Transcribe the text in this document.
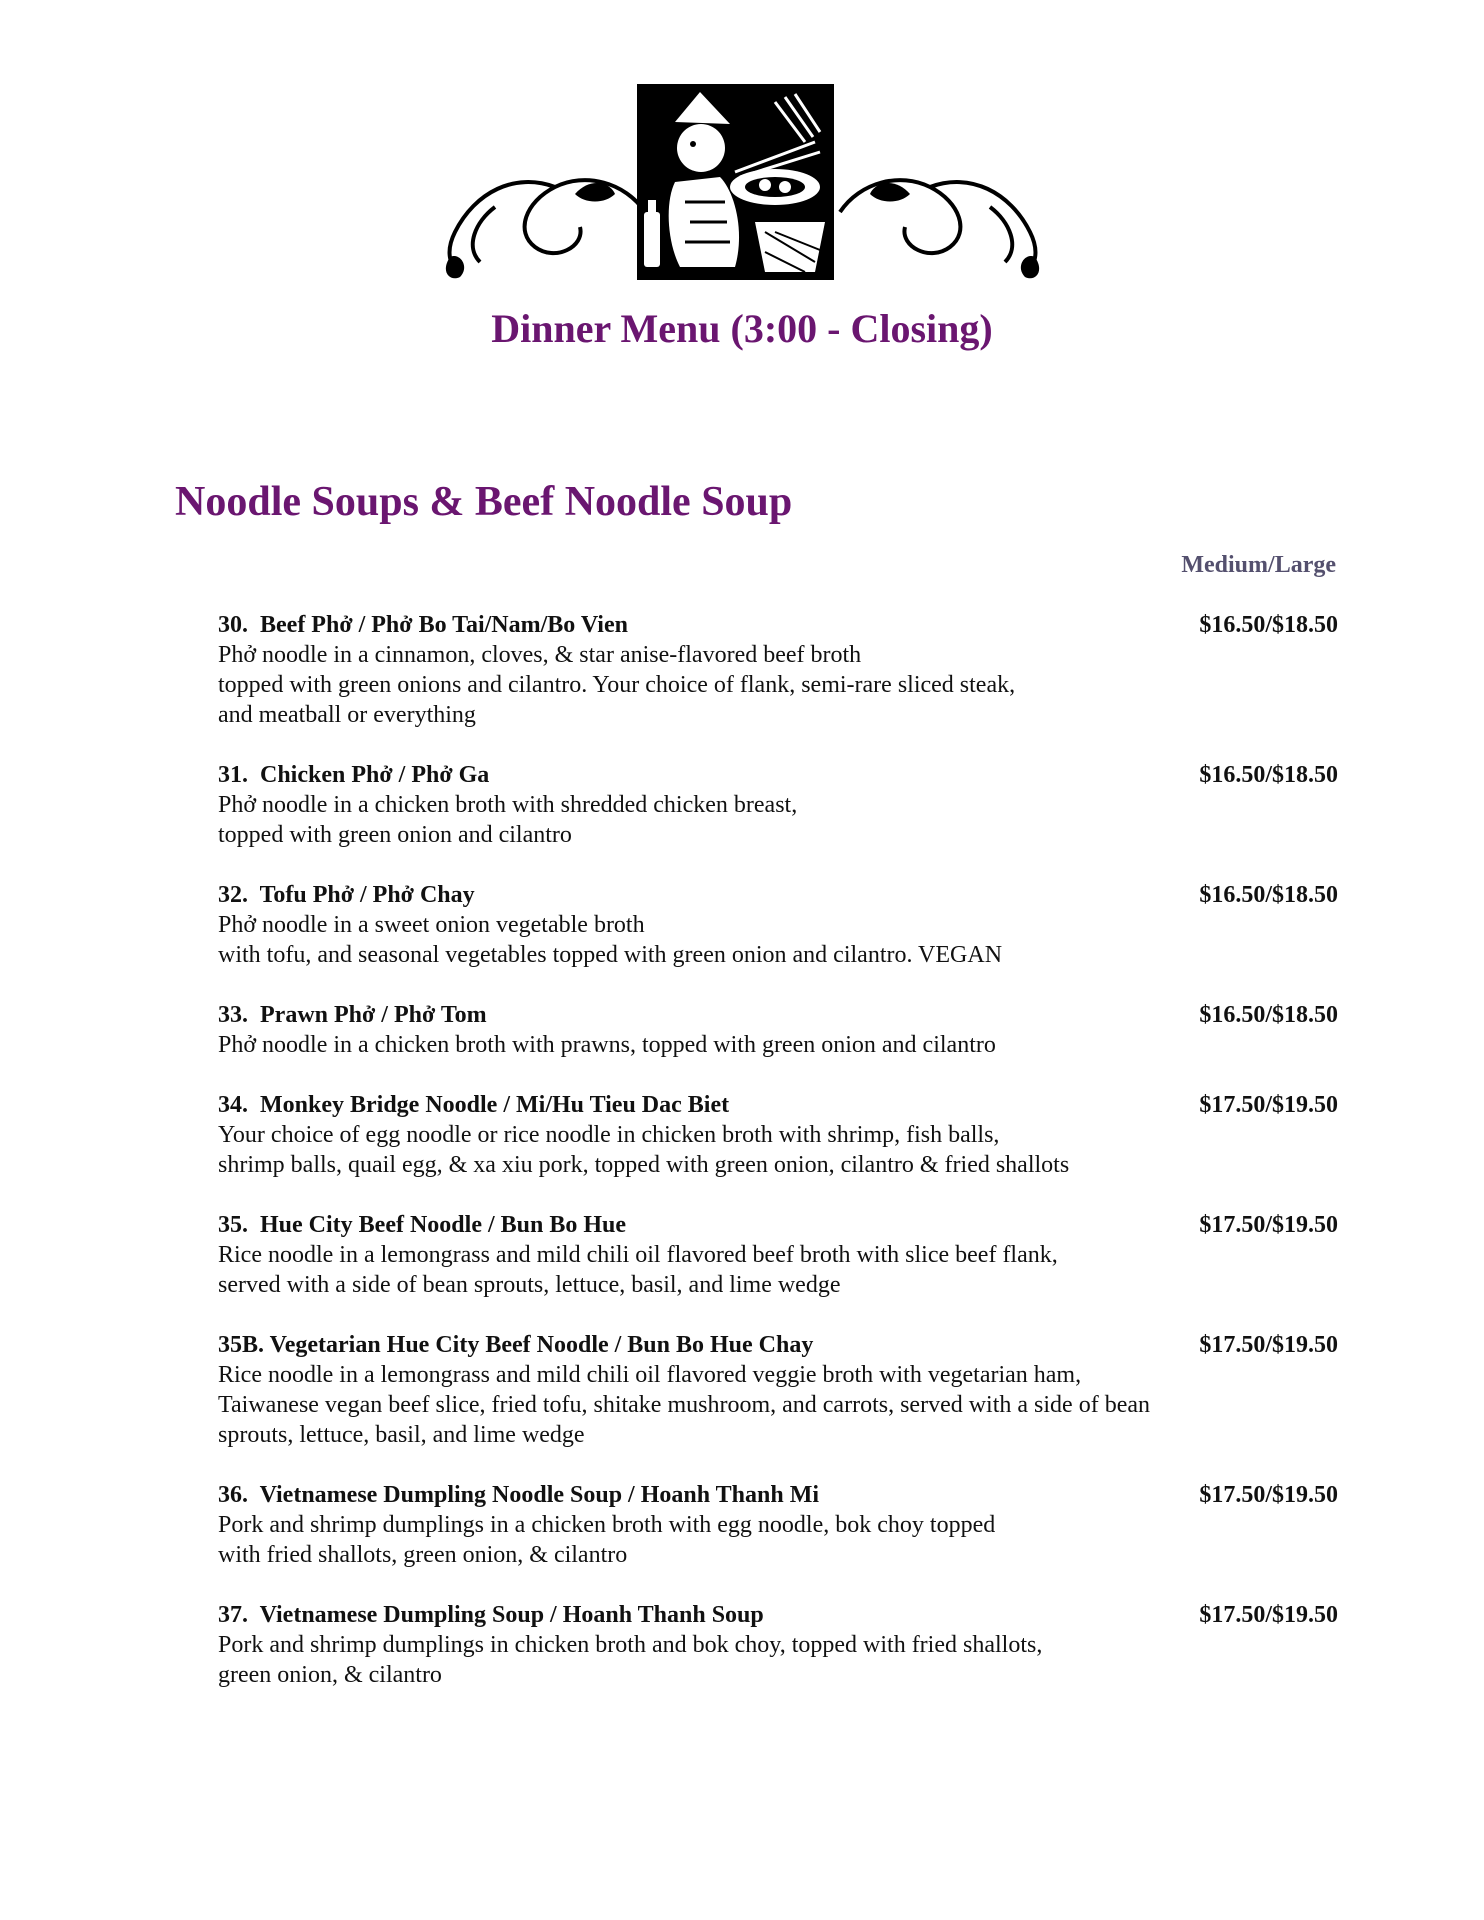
Dinner Menu (3:00 - Closing)
Noodle Soups & Beef Noodle Soup
Medium/Large
30.  Beef Phở / Phở Bo Tai/Nam/Bo Vien	$16.50/$18.50
Phở noodle in a cinnamon, cloves, & star anise-flavored beef broth
topped with green onions and cilantro. Your choice of flank, semi-rare sliced steak,
and meatball or everything
31.  Chicken Phở / Phở Ga	$16.50/$18.50
Phở noodle in a chicken broth with shredded chicken breast,
topped with green onion and cilantro
32.  Tofu Phở / Phở Chay	$16.50/$18.50
Phở noodle in a sweet onion vegetable broth
with tofu, and seasonal vegetables topped with green onion and cilantro. VEGAN
33.  Prawn Phở / Phở Tom	$16.50/$18.50
Phở noodle in a chicken broth with prawns, topped with green onion and cilantro
34.  Monkey Bridge Noodle / Mi/Hu Tieu Dac Biet	$17.50/$19.50
Your choice of egg noodle or rice noodle in chicken broth with shrimp, fish balls,
shrimp balls, quail egg, & xa xiu pork, topped with green onion, cilantro & fried shallots
35.  Hue City Beef Noodle / Bun Bo Hue	$17.50/$19.50
Rice noodle in a lemongrass and mild chili oil flavored beef broth with slice beef flank,
served with a side of bean sprouts, lettuce, basil, and lime wedge
35B. Vegetarian Hue City Beef Noodle / Bun Bo Hue Chay	$17.50/$19.50
Rice noodle in a lemongrass and mild chili oil flavored veggie broth with vegetarian ham,
Taiwanese vegan beef slice, fried tofu, shitake mushroom, and carrots, served with a side of bean
sprouts, lettuce, basil, and lime wedge
36.  Vietnamese Dumpling Noodle Soup / Hoanh Thanh Mi	$17.50/$19.50
Pork and shrimp dumplings in a chicken broth with egg noodle, bok choy topped
with fried shallots, green onion, & cilantro
37.  Vietnamese Dumpling Soup / Hoanh Thanh Soup	$17.50/$19.50
Pork and shrimp dumplings in chicken broth and bok choy, topped with fried shallots,
green onion, & cilantro
